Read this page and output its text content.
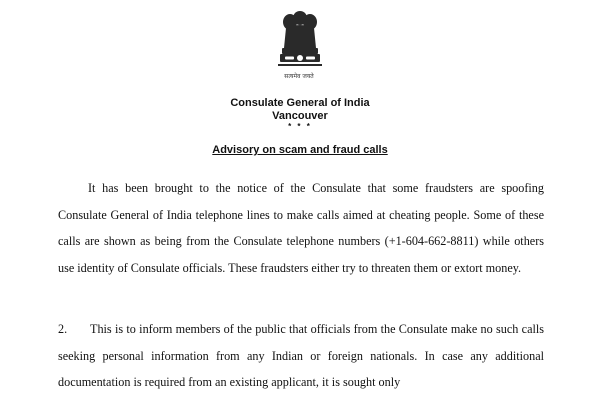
सत्यमेव जयते
Consulate General of India
Vancouver
* * *
Advisory on scam and fraud calls
It has been brought to the notice of the Consulate that some fraudsters are spoofing Consulate General of India telephone lines to make calls aimed at cheating people. Some of these calls are shown as being from the Consulate telephone numbers (+1-604-662-8811) while others use identity of Consulate officials. These fraudsters either try to threaten them or extort money.
2. This is to inform members of the public that officials from the Consulate make no such calls seeking personal information from any Indian or foreign nationals. In case any additional documentation is required from an existing applicant, it is sought only
